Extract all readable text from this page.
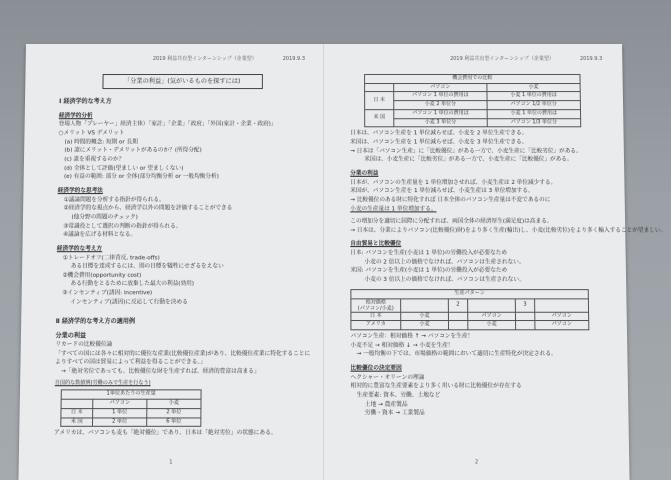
2019 利益共有型インターンシップ（企業型）	2019.9.3
「分業の利益」(気がいるものを探すには)
Ⅰ 経済学的な考え方
経済学的分析
登場人物「プレーヤー」経済主体）「家計」「企業」「政府」「外国(家計・企業・政府)」
○メリット VS デメリット
(a) 時間的概念: 短期 or 長期
(b) 誰にメリット・デメリットがあるのか？(所得分配)
(c) 誰を重視するのか？
(d) 全体として評価(望ましい or 望ましくない)
(e) 有益の範囲: 部分 or 全体(部分均衡分析 or 一般均衡分析)
経済学的な思考法
①議論問題を分析する指針が得られる。
②経済学的な視点から、経済学以外の問題を評価することができる
(他分野の問題のチェック)
③常識役として選択の判断の指針が得られる。
④議論を広げる材料となる。
経済学的な考え方
①トレードオフ(二律背反, trade-offs)
ある目標を達成するには、別の目標を犠牲にせざるをえない
②機会費用(opportunity cost)
ある行動をとるために放棄した最大の利益(効用)
③インセンティブ(誘因: incentive)
インセンティブ(誘因)に反応して行動を決める
Ⅱ 経済学的な考え方の適用例
分業の利益
リカードの比較優位論
「すべての国には各々に相対的に優位な産業(比較優位産業)があり、比較優位産業に特化することに
よりすべての国は貿易によって利益を得ることができる。」
→「絶対劣位であっても、比較優位な財を生産すれば、経済的豊富は高まる」
自国的な数値例(労働のみで生産を行なう)
1単位あたりの生産量		
	パソコン	小麦
日 本	1 単位	2 単位
米 国	2 単位	6 単位
アメリカは、パソコンも麦も「絶対優位」であり、日本は「絶対劣位」の状態にある。
1
2019 利益共有型インターンシップ（企業型）	2019.9.3
機会費用での比較		
	パソコン	小麦
日 本	パソコン 1 単位の費用は	小麦 1 単位の費用は
	小麦 2 単位分	パソコン 1/2 単位分
米 国	パソコン 1 単位の費用は	小麦 1 単位の費用は
	小麦 3 単位分	パソコン 1/3 単位分
日本は、パソコン生産を 1 単位減らせば、小麦を 2 単位生産できる。
米国は、パソコン生産を 1 単位減らせば、小麦を 3 単位生産できる。
→ 日本は「パソコン生産」に「比較優位」がある一方で、小麦生産に「比較劣位」がある。
米国は、小麦生産に「比較劣位」がある一方で、小麦生産に「比較優位」がある。
分業の利益
日本が、パソコンの生産量を 1 単位増加させれば、小麦生産は 2 単位減少する。
米国が、パソコン生産を 1 単位減らせば、小麦生産は 3 単位増加する。
→ 比較優位のある財に特化すれば 日本全体のパソコン生産量は不変であるのに
小麦の生産量は 1 単位増加する。
この増加分を適切に国際に分配すれば、両国全体の経済厚生(満足度)は高まる。
→ 日本は、分業によりパソコン(比較優位)財)をより多く生産(輸出)し、小麦(比較劣位)をより多く輸入することが望ましい。
自由貿易と比較優位
日本: パソコンを生産(小麦は 1 単位)の労働投入が必要なため
小麦の 2 倍以上の価格でなければ、パソコンは生産されない。
米国: パソコンを生産(小麦は 1 単位)の労働投入が必要なため
小麦の 3 倍以上の価格でなければ、パソコンは生産されない。
生産パターン					
相対価格
(パソコン/小麦)		2		3	
日 本	小麦		パソコン		パソコン
アメリカ	小麦		小麦		パソコン
パソコン生産：相対価格 ↑ → パソコンを生産！
小麦不足 → 相対価格 ↓ → 小麦を生産！
→ 一般均衡の下では、市場価格の範囲において適切に生産特化が決定される。
比較優位の決定要因
ヘクシャー・オリーンの理論
相対的に豊富な生産要素をより多く用いる財に比較優位が存在する
生産要素: 資本、労働、土地など
土地 → 農産製品
労働・資本 → 工業製品
2
